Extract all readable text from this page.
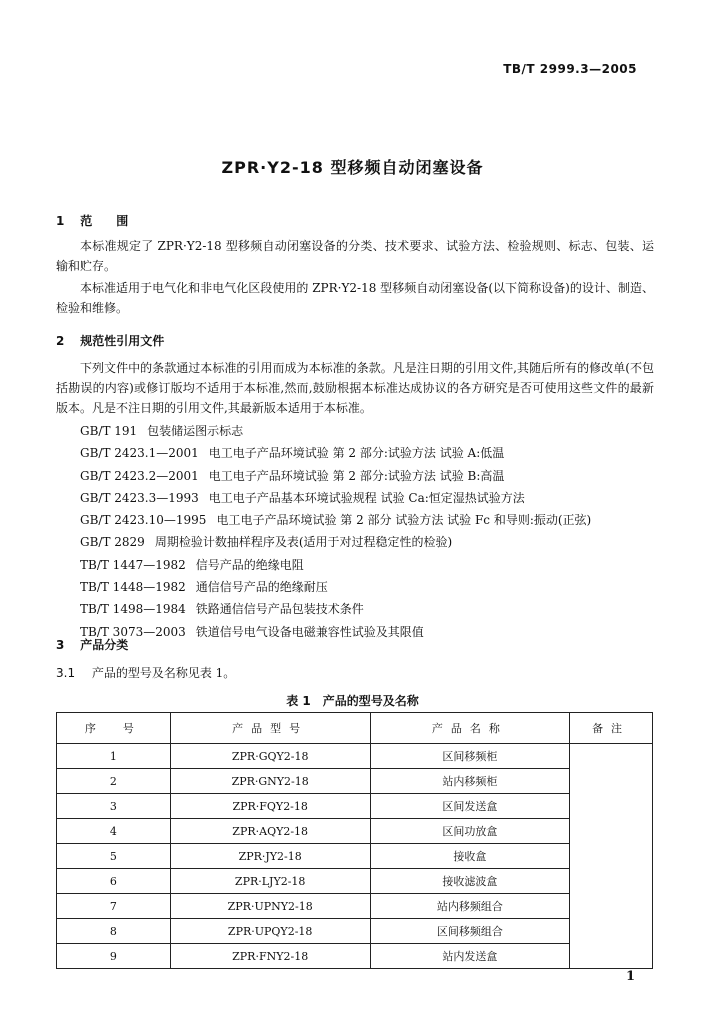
TB/T 2999.3—2005
ZPR·Y2-18 型移频自动闭塞设备
1 范　　围
本标准规定了 ZPR·Y2-18 型移频自动闭塞设备的分类、技术要求、试验方法、检验规则、标志、包装、运输和贮存。
本标准适用于电气化和非电气化区段使用的 ZPR·Y2-18 型移频自动闭塞设备(以下简称设备)的设计、制造、检验和维修。
2 规范性引用文件
下列文件中的条款通过本标准的引用而成为本标准的条款。凡是注日期的引用文件,其随后所有的修改单(不包括勘误的内容)或修订版均不适用于本标准,然而,鼓励根据本标准达成协议的各方研究是否可使用这些文件的最新版本。凡是不注日期的引用文件,其最新版本适用于本标准。
GB/T 191 包装储运图示标志
GB/T 2423.1—2001 电工电子产品环境试验 第 2 部分:试验方法 试验 A:低温
GB/T 2423.2—2001 电工电子产品环境试验 第 2 部分:试验方法 试验 B:高温
GB/T 2423.3—1993 电工电子产品基本环境试验规程 试验 Ca:恒定湿热试验方法
GB/T 2423.10—1995 电工电子产品环境试验 第 2 部分 试验方法 试验 Fc 和导则:振动(正弦)
GB/T 2829 周期检验计数抽样程序及表(适用于对过程稳定性的检验)
TB/T 1447—1982 信号产品的绝缘电阻
TB/T 1448—1982 通信信号产品的绝缘耐压
TB/T 1498—1984 铁路通信信号产品包装技术条件
TB/T 3073—2003 铁道信号电气设备电磁兼容性试验及其限值
3 产品分类
3.1 产品的型号及名称见表 1。
表 1　产品的型号及名称
序　号	产品型号	产品名称	备注
1	ZPR·GQY2-18	区间移频柜	
2	ZPR·GNY2-18	站内移频柜	
3	ZPR·FQY2-18	区间发送盒	
4	ZPR·AQY2-18	区间功放盒	
5	ZPR·JY2-18	接收盒	
6	ZPR·LJY2-18	接收滤波盒	
7	ZPR·UPNY2-18	站内移频组合	
8	ZPR·UPQY2-18	区间移频组合	
9	ZPR·FNY2-18	站内发送盒	
1
